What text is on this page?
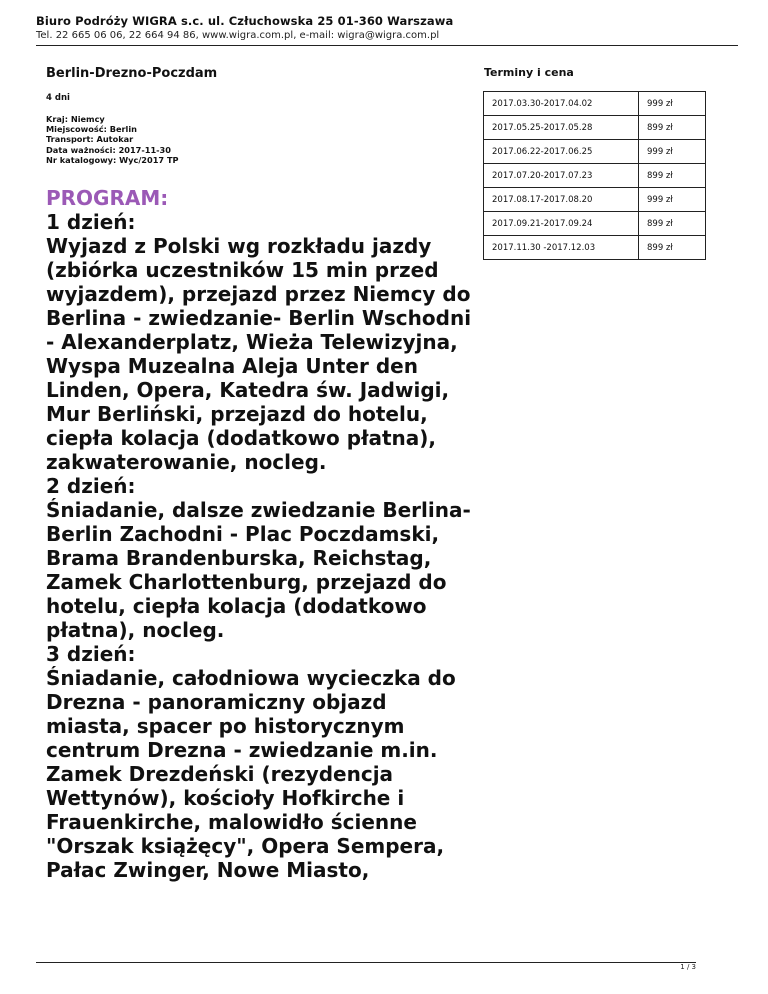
Biuro Podróży WIGRA s.c. ul. Człuchowska 25 01-360 Warszawa
Tel. 22 665 06 06, 22 664 94 86, www.wigra.com.pl, e-mail: wigra@wigra.com.pl
Berlin-Drezno-Poczdam
4 dni
Kraj: Niemcy
Miejscowość: Berlin
Transport: Autokar
Data ważności: 2017-11-30
Nr katalogowy: Wyc/2017 TP
PROGRAM:
1 dzień:
Wyjazd z Polski wg rozkładu jazdy (zbiórka uczestników 15 min przed wyjazdem), przejazd przez Niemcy do Berlina - zwiedzanie- Berlin Wschodni - Alexanderplatz, Wieża Telewizyjna, Wyspa Muzealna Aleja Unter den Linden, Opera, Katedra św. Jadwigi, Mur Berliński, przejazd do hotelu, ciepła kolacja (dodatkowo płatna), zakwaterowanie, nocleg.
2 dzień:
Śniadanie, dalsze zwiedzanie Berlina- Berlin Zachodni - Plac Poczdamski, Brama Brandenburska, Reichstag, Zamek Charlottenburg, przejazd do hotelu, ciepła kolacja (dodatkowo płatna), nocleg.
3 dzień:
Śniadanie, całodniowa wycieczka do Drezna - panoramiczny objazd miasta, spacer po historycznym centrum Drezna - zwiedzanie m.in. Zamek Drezdeński (rezydencja Wettynów), kościoły Hofkirche i Frauenkirche, malowidło ścienne "Orszak książęcy", Opera Sempera, Pałac Zwinger, Nowe Miasto,
Terminy i cena
2017.03.30-2017.04.02	999 zł
2017.05.25-2017.05.28	899 zł
2017.06.22-2017.06.25	999 zł
2017.07.20-2017.07.23	899 zł
2017.08.17-2017.08.20	999 zł
2017.09.21-2017.09.24	899 zł
2017.11.30 -2017.12.03	899 zł
1 / 3
